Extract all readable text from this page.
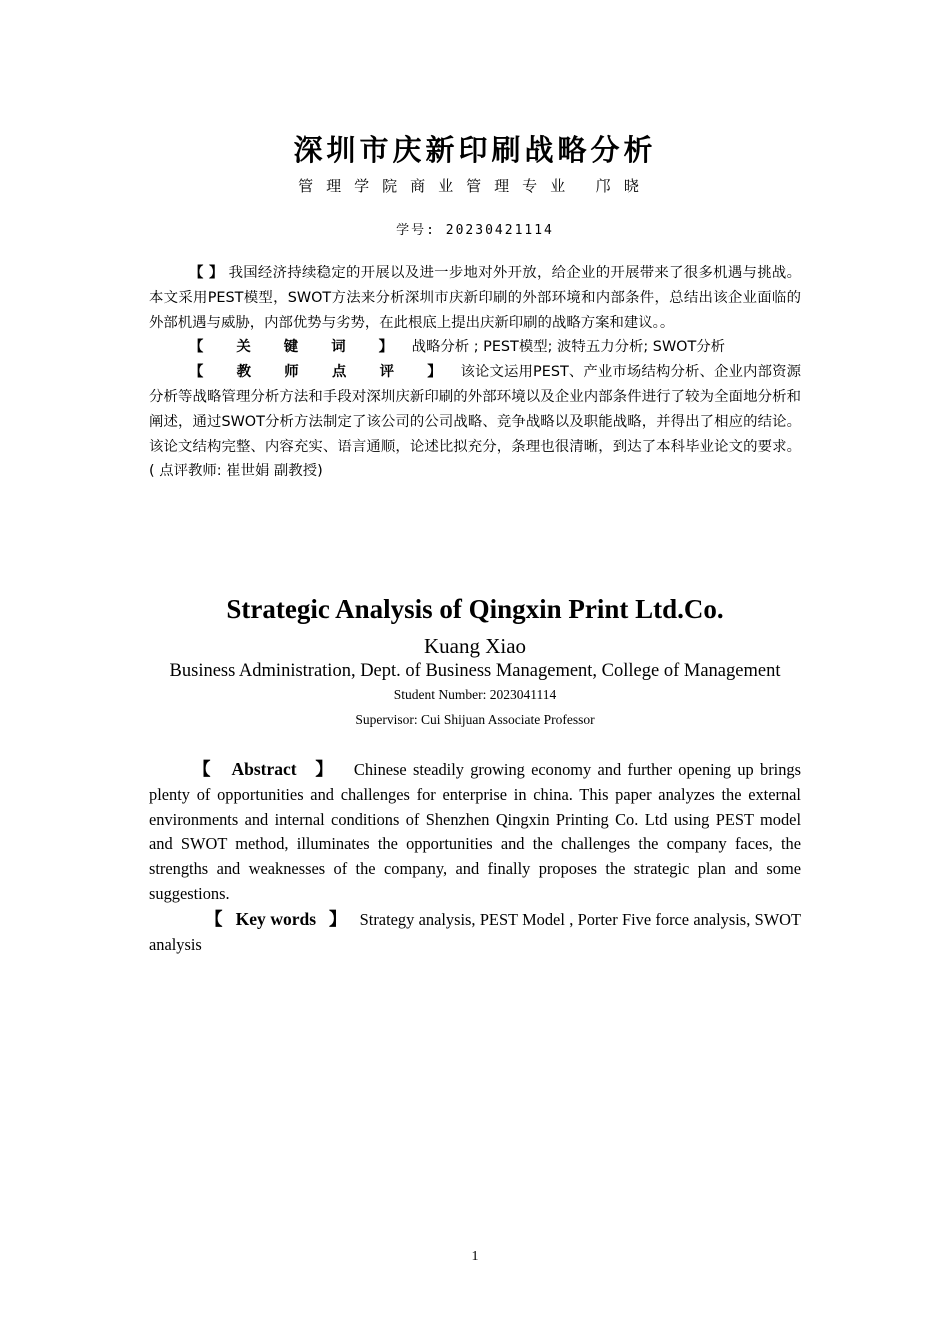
深圳市庆新印刷战略分析
管理学院商业管理专业 邝晓
学号: 20230421114

【 】 我国经济持续稳定的开展以及进一步地对外开放，给企业的开展带来了很多机遇与挑战。本文采用PEST模型，SWOT方法来分析深圳市庆新印刷的外部环境和内部条件，总结出该企业面临的外部机遇与威胁，内部优势与劣势，在此根底上提出庆新印刷的战略方案和建议。。

【 关 键 词 】 战略分析 ; PEST模型; 波特五力分析; SWOT分析

【 教 师 点 评 】 该论文运用PEST、产业市场结构分析、企业内部资源分析等战略管理分析方法和手段对深圳庆新印刷的外部环境以及企业内部条件进行了较为全面地分析和阐述，通过SWOT分析方法制定了该公司的公司战略、竞争战略以及职能战略，并得出了相应的结论。 该论文结构完整、内容充实、语言通顺，论述比拟充分，条理也很清晰，到达了本科毕业论文的要求。 ( 点评教师: 崔世娟 副教授)

Strategic Analysis of Qingxin Print Ltd.Co.
Kuang Xiao
Business Administration, Dept. of Business Management, College of Management
Student Number: 2023041114
Supervisor: Cui Shijuan Associate Professor

【 Abstract 】 Chinese steadily growing economy and further opening up brings plenty of opportunities and challenges for enterprise in china. This paper analyzes the external environments and internal conditions of Shenzhen Qingxin Printing Co. Ltd using PEST model and SWOT method, illuminates the opportunities and the challenges the company faces, the strengths and weaknesses of the company, and finally proposes the strategic plan and some suggestions.

【 Key words 】 Strategy analysis, PEST Model , Porter Five force analysis, SWOT analysis

1
